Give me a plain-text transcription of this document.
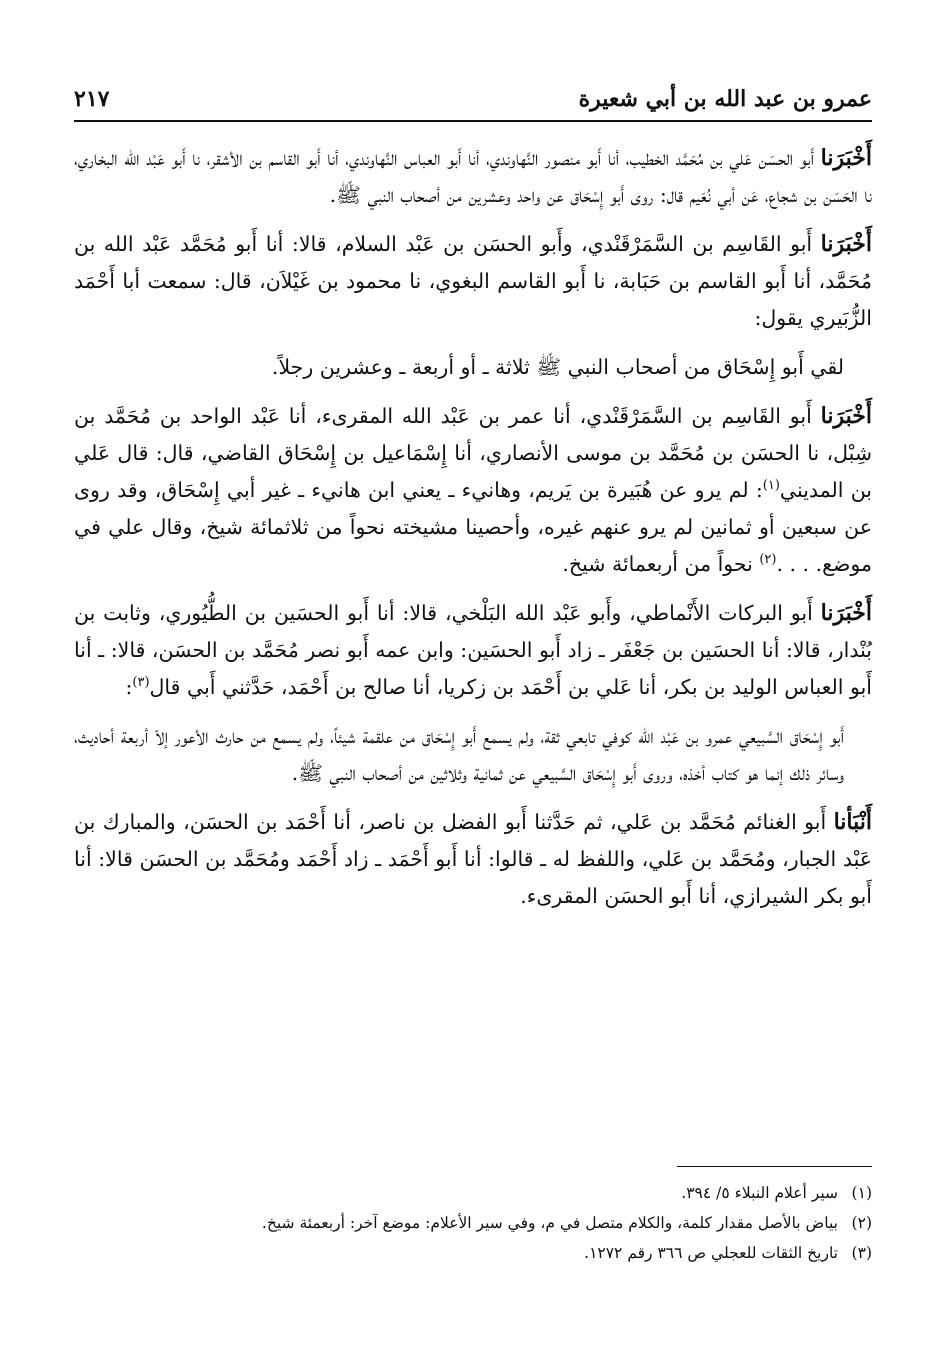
عمرو بن عبد الله بن أبي شعيرة
٢١٧

أَخْبَرَنا أَبو الحسَن عَلي بن مُحَمَّد الخطيب، أنا أَبو منصور النَّهاوندي، أنا أَبو العباس النَّهاوندي، أنا أَبو القاسم بن الأشقر، نا أَبو عَبْد الله البخاري، نا الحَسَن بن شجاع، عَن أبي نُعَيم قال: روى أَبو إِسْحَاق عن واحد وعشرين من أصحاب النبي ﷺ.

أَخْبَرَنا أَبو القَاسِم بن السَّمَرْقَنْدي، وأَبو الحسَن بن عَبْد السلام، قالا: أنا أَبو مُحَمَّد عَبْد الله بن مُحَمَّد، أنا أَبو القاسم بن حَبَابة، نا أَبو القاسم البغوي، نا محمود بن غَيْلاَن، قال: سمعت أبا أَحْمَد الزُّبَيري يقول:

لقي أَبو إِسْحَاق من أصحاب النبي ﷺ ثلاثة ـ أو أربعة ـ وعشرين رجلاً.

أَخْبَرَنا أَبو القَاسِم بن السَّمَرْقَنْدي، أنا عمر بن عَبْد الله المقرىء، أنا عَبْد الواحد بن مُحَمَّد بن شِبْل، نا الحسَن بن مُحَمَّد بن موسى الأنصاري، أنا إِسْمَاعيل بن إِسْحَاق القاضي، قال: قال عَلي بن المديني$^{(١)}$: لم يرو عن هُبَيرة بن يَريم، وهانيء ـ يعني ابن هانيء ـ غير أبي إِسْحَاق، وقد روى عن سبعين أو ثمانين لم يرو عنهم غيره، وأحصينا مشيخته نحواً من ثلاثمائة شيخ، وقال علي في موضع. . . .$^{(٢)}$ نحواً من أربعمائة شيخ.

أَخْبَرَنا أَبو البركات الأَنْماطي، وأَبو عَبْد الله البَلْخي، قالا: أنا أَبو الحسَين بن الطُّيُوري، وثابت بن بُنْدار، قالا: أنا الحسَين بن جَعْفَر ـ زاد أَبو الحسَين: وابن عمه أَبو نصر مُحَمَّد بن الحسَن، قالا: ـ أنا أَبو العباس الوليد بن بكر، أنا عَلي بن أَحْمَد بن زكريا، أنا صالح بن أَحْمَد، حَدَّثني أَبي قال$^{(٣)}$:

أَبو إِسْحَاق السَّبيعي عمرو بن عَبْد الله كوفي تابعي ثقة، ولم يسمع أَبو إِسْحَاق من علقمة شيئاً، ولم يسمع من حارث الأعور إلاّ أربعة أحاديث، وسائر ذلك إنما هو كتاب أخذه، وروى أَبو إِسْحَاق السَّبيعي عن ثمانية وثلاثين من أصحاب النبي ﷺ.

أَنْبَأنا أَبو الغنائم مُحَمَّد بن عَلي، ثم حَدَّثنا أَبو الفضل بن ناصر، أنا أَحْمَد بن الحسَن، والمبارك بن عَبْد الجبار، ومُحَمَّد بن عَلي، واللفظ له ـ قالوا: أنا أَبو أَحْمَد ـ زاد أَحْمَد ومُحَمَّد بن الحسَن قالا: أنا أَبو بكر الشيرازي، أنا أَبو الحسَن المقرىء.

(١)سير أعلام النبلاء ٥/ ٣٩٤.
(٢)بياض بالأصل مقدار كلمة، والكلام متصل في م، وفي سير الأعلام: موضع آخر: أربعمئة شيخ.
(٣)تاريخ الثقات للعجلي ص ٣٦٦ رقم ١٢٧٢.
